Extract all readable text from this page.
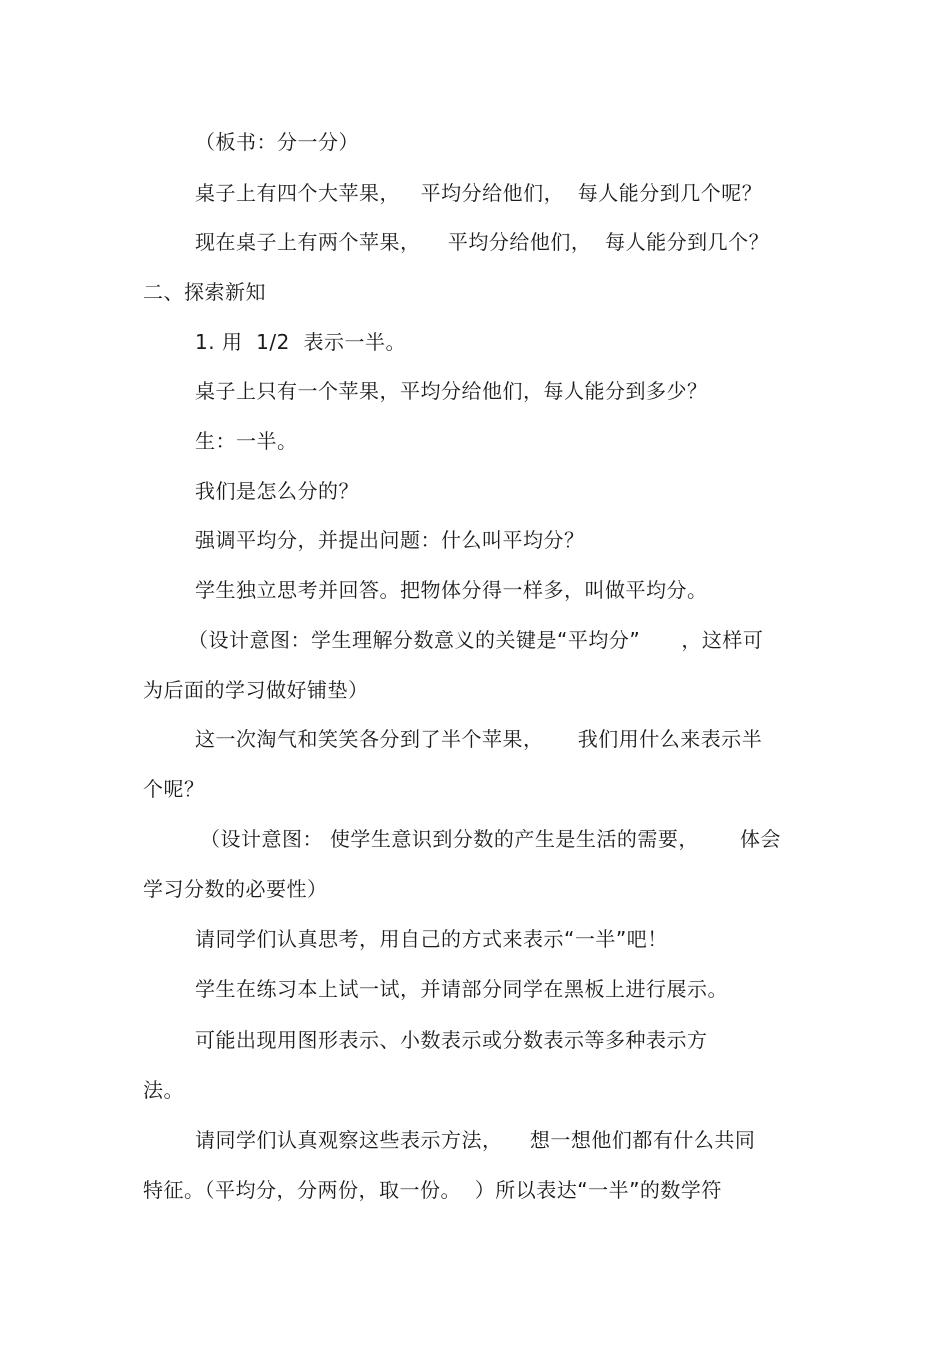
（板书：分一分）
桌子上有四个大苹果，   平均分给他们，  每人能分到几个呢？
现在桌子上有两个苹果，    平均分给他们，  每人能分到几个？
二、探索新知
1. 用  1/2  表示一半。
桌子上只有一个苹果，平均分给他们，每人能分到多少？
生：一半。
我们是怎么分的？
强调平均分，并提出问题：什么叫平均分？
学生独立思考并回答。把物体分得一样多，叫做平均分。
（设计意图：学生理解分数意义的关键是“平均分”      ，这样可
为后面的学习做好铺垫）
这一次淘气和笑笑各分到了半个苹果，     我们用什么来表示半
个呢？
（设计意图： 使学生意识到分数的产生是生活的需要，      体会
学习分数的必要性）
请同学们认真思考，用自己的方式来表示“一半”吧！
学生在练习本上试一试，并请部分同学在黑板上进行展示。
可能出现用图形表示、小数表示或分数表示等多种表示方
法。
请同学们认真观察这些表示方法，    想一想他们都有什么共同
特征。（平均分，分两份，取一份。  ）所以表达“一半”的数学符
